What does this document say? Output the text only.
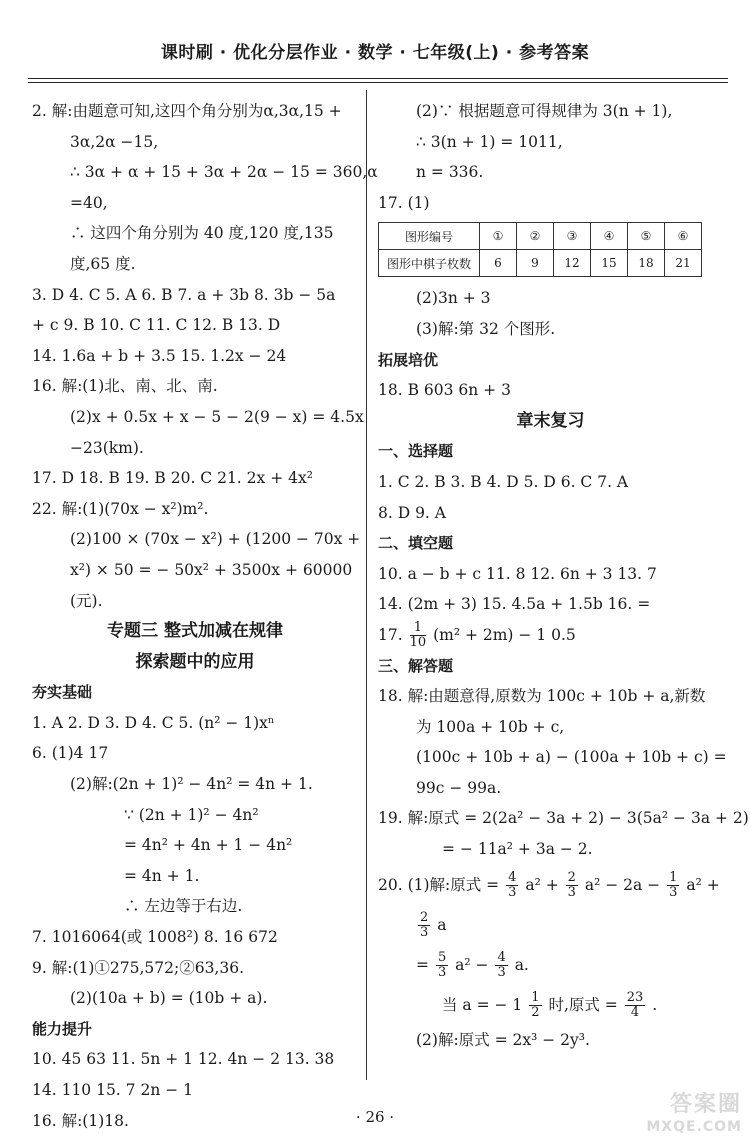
课时刷 · 优化分层作业 · 数学 · 七年级(上) · 参考答案
2. 解:由题意可知,这四个角分别为α,3α,15 +
3α,2α −15,
∴ 3α + α + 15 + 3α + 2α − 15 = 360,α
=40,
∴ 这四个角分别为 40 度,120 度,135
度,65 度.
3. D 4. C 5. A 6. B 7. a + 3b 8. 3b − 5a
+ c 9. B 10. C 11. C 12. B 13. D
14. 1.6a + b + 3.5 15. 1.2x − 24
16. 解:(1)北、南、北、南.
(2)x + 0.5x + x − 5 − 2(9 − x) = 4.5x
−23(km).
17. D 18. B 19. B 20. C 21. 2x + 4x²
22. 解:(1)(70x − x²)m².
(2)100 × (70x − x²) + (1200 − 70x +
x²) × 50 = − 50x² + 3500x + 60000
(元).
专题三 整式加减在规律
探索题中的应用
夯实基础
1. A 2. D 3. D 4. C 5. (n² − 1)xⁿ
6. (1)4 17
(2)解:(2n + 1)² − 4n² = 4n + 1.
∵ (2n + 1)² − 4n²
= 4n² + 4n + 1 − 4n²
= 4n + 1.
∴ 左边等于右边.
7. 1016064(或 1008²) 8. 16 672
9. 解:(1)①275,572;②63,36.
(2)(10a + b) = (10b + a).
能力提升
10. 45 63 11. 5n + 1 12. 4n − 2 13. 38
14. 110 15. 7 2n − 1
16. 解:(1)18.
(2)∵ 根据题意可得规律为 3(n + 1),
∴ 3(n + 1) = 1011,
n = 336.
17. (1)
图形编号	①	②	③	④	⑤	⑥
图形中棋子枚数	6	9	12	15	18	21
(2)3n + 3
(3)解:第 32 个图形.
拓展培优
18. B 603 6n + 3
章末复习
一、选择题
1. C 2. B 3. B 4. D 5. D 6. C 7. A
8. D 9. A
二、填空题
10. a − b + c 11. 8 12. 6n + 3 13. 7
14. (2m + 3) 15. 4.5a + 1.5b 16. =
17. $\frac{1}{10} (m^2 + 2m) - 1$ 0.5
三、解答题
18. 解:由题意得,原数为 100c + 10b + a,新数
为 100a + 10b + c,
(100c + 10b + a) − (100a + 10b + c) =
99c − 99a.
19. 解:原式 = 2(2a² − 3a + 2) − 3(5a² − 3a + 2)
= − 11a² + 3a − 2.
20. (1)解:原式 = $\frac{4}{3} a^2 + \frac{2}{3} a^2 - 2a - \frac{1}{3} a^2$ +
$\frac{2}{3}$ a
= $\frac{5}{3} a^2 - \frac{4}{3} a$.
当 a = − $1 \frac{1}{2}$ 时,原式 = $\frac{23}{4}$ .
(2)解:原式 = 2x³ − 2y³.
· 26 ·	答案圈
MXQE.COM
